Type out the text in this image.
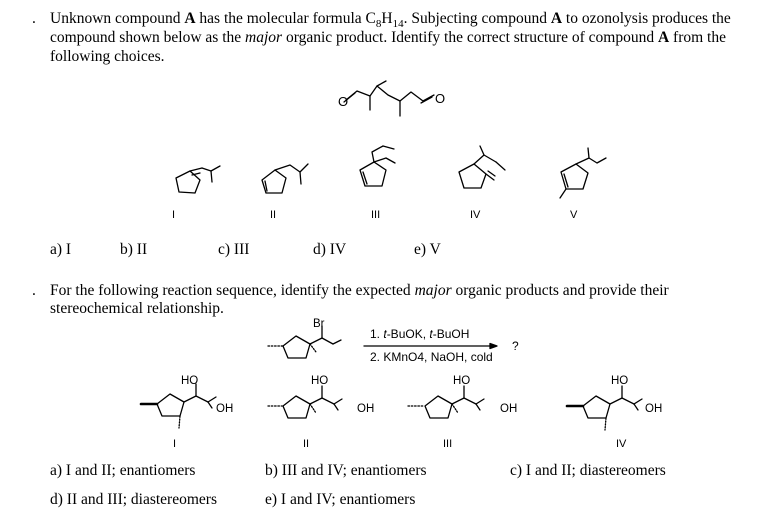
. Unknown compound A has the molecular formula $C_8H_{14}$. Subjecting compound A to ozonolysis produces the
compound shown below as the major organic product. Identify the correct structure of compound A from the
following choices.
O	O
Br
HO
OH
HO
OH
HO
OH
HO
OH
I	II	III	IV	V
a) I	b) II	c) III	d) IV	e) V
. For the following reaction sequence, identify the expected major organic products and provide their
stereochemical relationship.
1. t-BuOK, t-BuOH
2. KMnO4, NaOH, cold
?
I	II	III	IV
a) I and II; enantiomers	b) III and IV; enantiomers	c) I and II; diastereomers
d) II and III; diastereomers	e) I and IV; enantiomers
